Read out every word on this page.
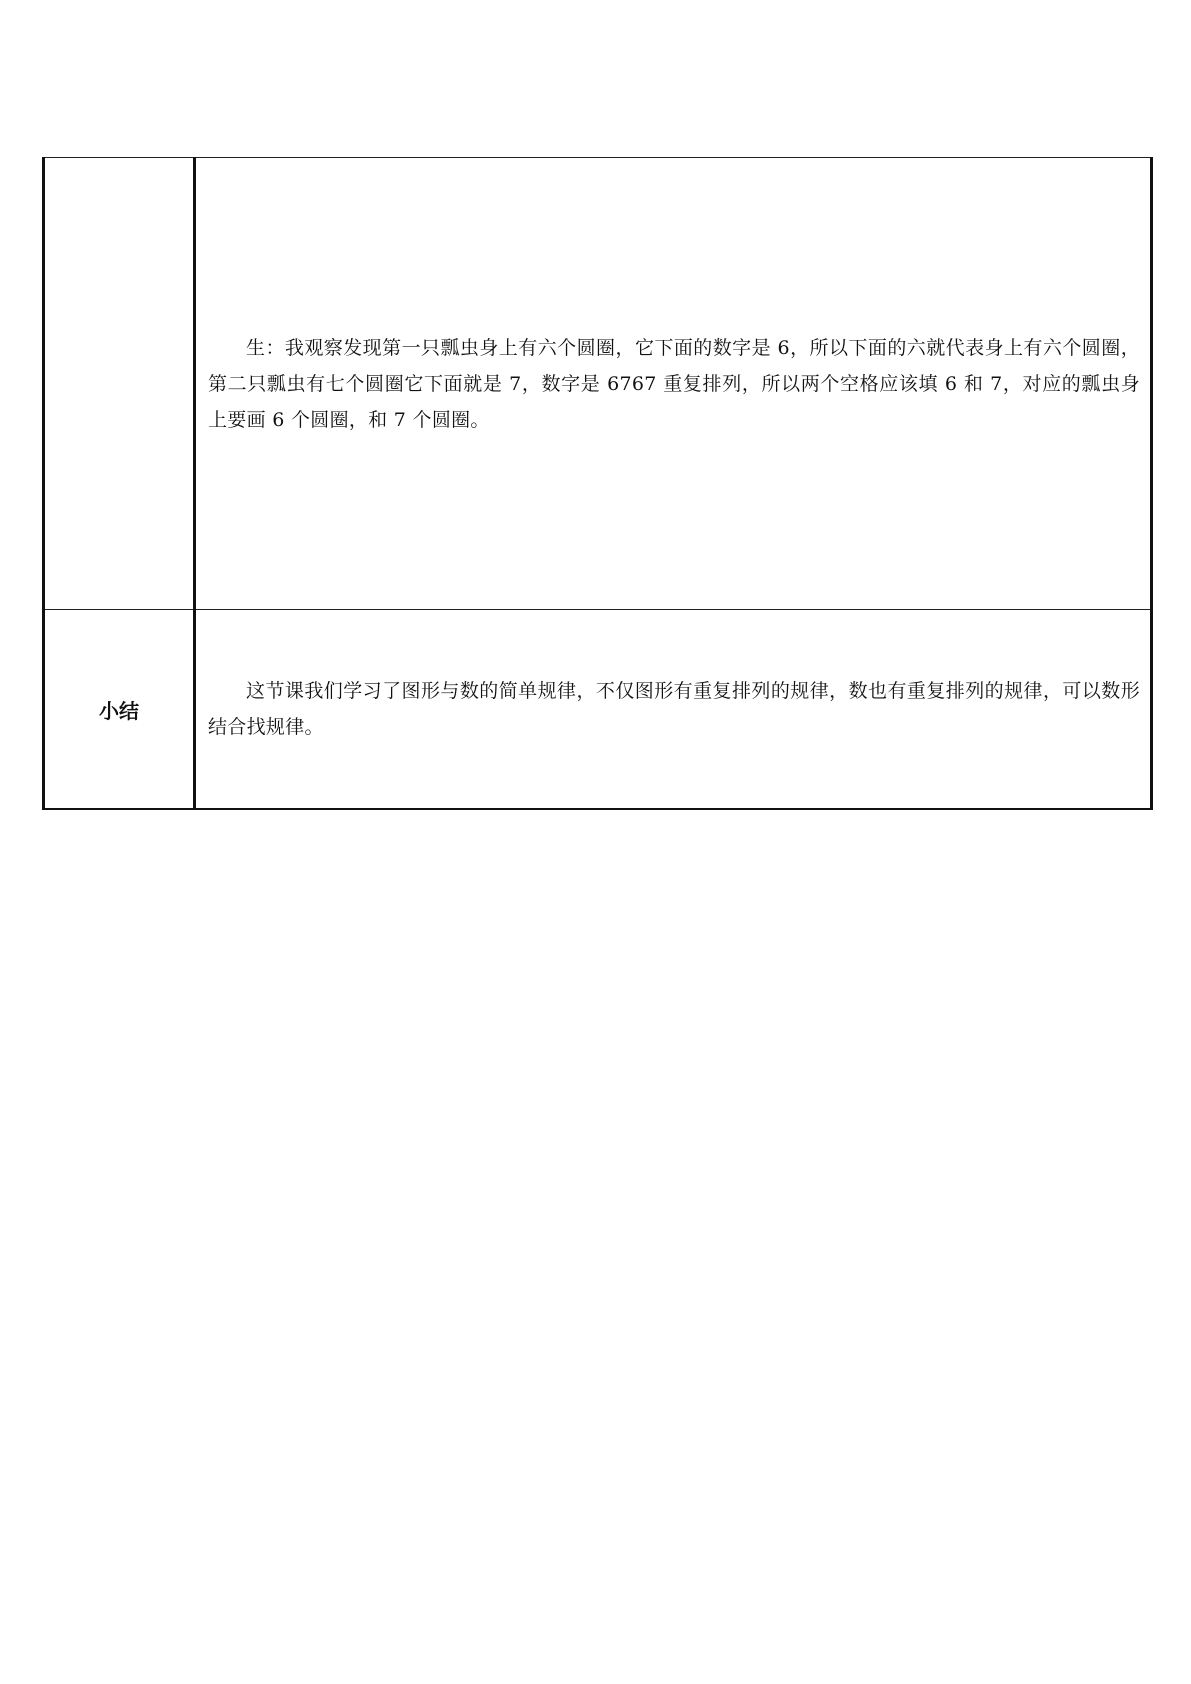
	生：我观察发现第一只瓢虫身上有六个圆圈，它下面的数字是 6，所以下面的六就代表身上有六个圆圈，第二只瓢虫有七个圆圈它下面就是 7，数字是 6767 重复排列，所以两个空格应该填 6 和 7，对应的瓢虫身上要画 6 个圆圈，和 7 个圆圈。

小结	这节课我们学习了图形与数的简单规律，不仅图形有重复排列的规律，数也有重复排列的规律，可以数形结合找规律。
